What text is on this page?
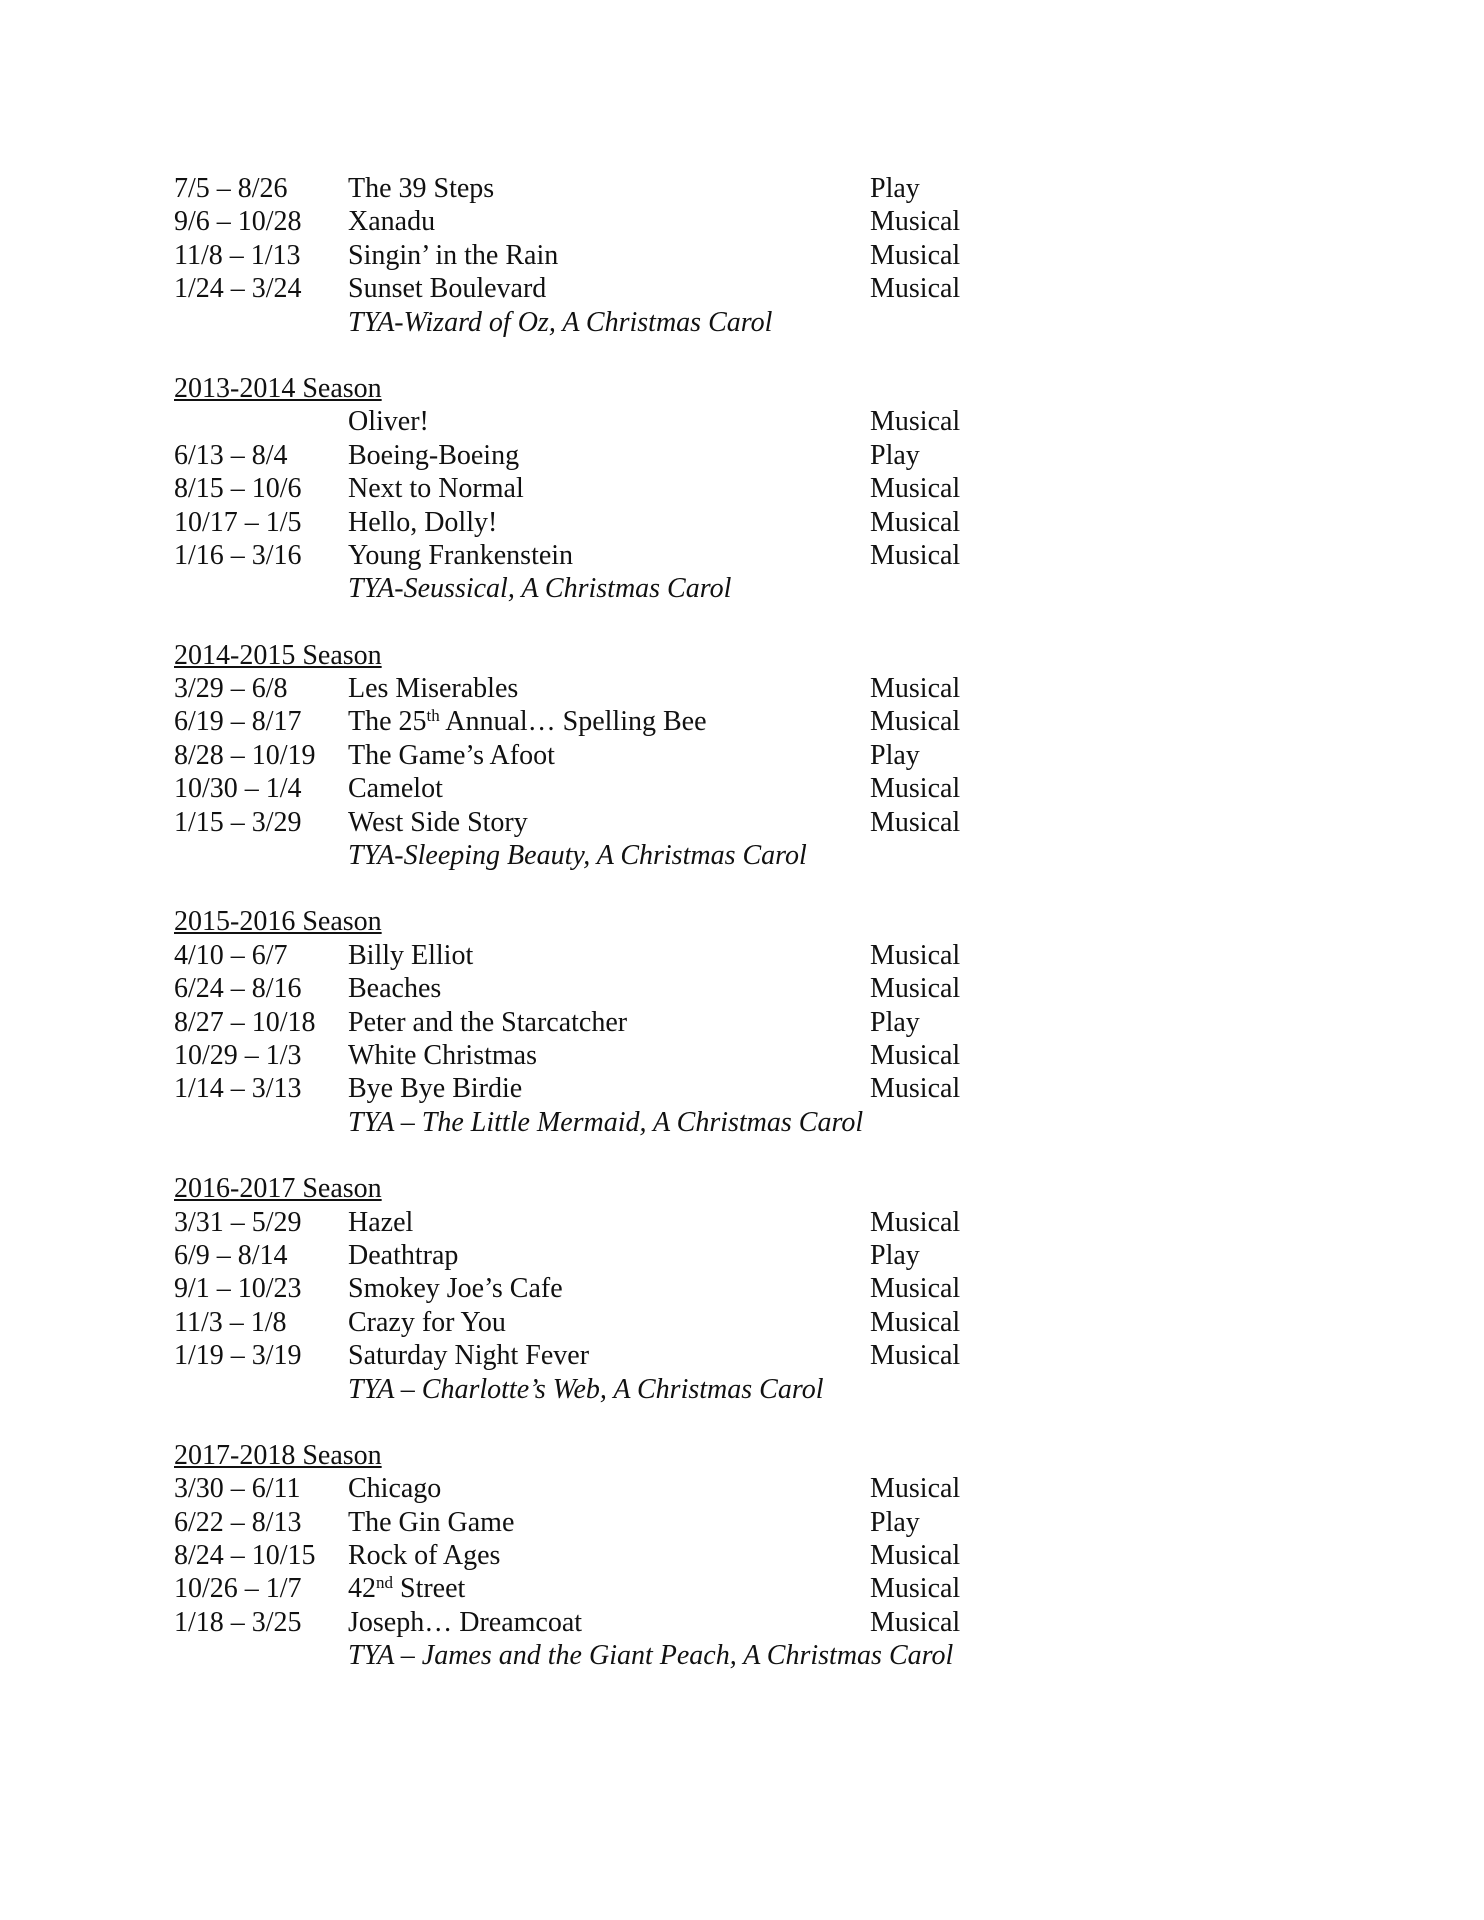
7/5 – 8/26 The 39 Steps	Play
9/6 – 10/28 Xanadu	Musical
11/8 – 1/13 Singin’ in the Rain	Musical
1/24 – 3/24 Sunset Boulevard	Musical
TYA-Wizard of Oz, A Christmas Carol
2013-2014 Season
Oliver!	Musical
6/13 – 8/4 Boeing-Boeing	Play
8/15 – 10/6 Next to Normal	Musical
10/17 – 1/5 Hello, Dolly!	Musical
1/16 – 3/16 Young Frankenstein	Musical
TYA-Seussical, A Christmas Carol
2014-2015 Season
3/29 – 6/8 Les Miserables	Musical
6/19 – 8/17 The 25th Annual… Spelling Bee	Musical
8/28 – 10/19 The Game’s Afoot	Play
10/30 – 1/4 Camelot	Musical
1/15 – 3/29 West Side Story	Musical
TYA-Sleeping Beauty, A Christmas Carol
2015-2016 Season
4/10 – 6/7 Billy Elliot	Musical
6/24 – 8/16 Beaches	Musical
8/27 – 10/18 Peter and the Starcatcher	Play
10/29 – 1/3 White Christmas	Musical
1/14 – 3/13 Bye Bye Birdie	Musical
TYA – The Little Mermaid, A Christmas Carol
2016-2017 Season
3/31 – 5/29 Hazel	Musical
6/9 – 8/14 Deathtrap	Play
9/1 – 10/23 Smokey Joe’s Cafe	Musical
11/3 – 1/8 Crazy for You	Musical
1/19 – 3/19 Saturday Night Fever	Musical
TYA – Charlotte’s Web, A Christmas Carol
2017-2018 Season
3/30 – 6/11 Chicago	Musical
6/22 – 8/13 The Gin Game	Play
8/24 – 10/15 Rock of Ages	Musical
10/26 – 1/7 42nd Street	Musical
1/18 – 3/25 Joseph… Dreamcoat	Musical
TYA – James and the Giant Peach, A Christmas Carol
